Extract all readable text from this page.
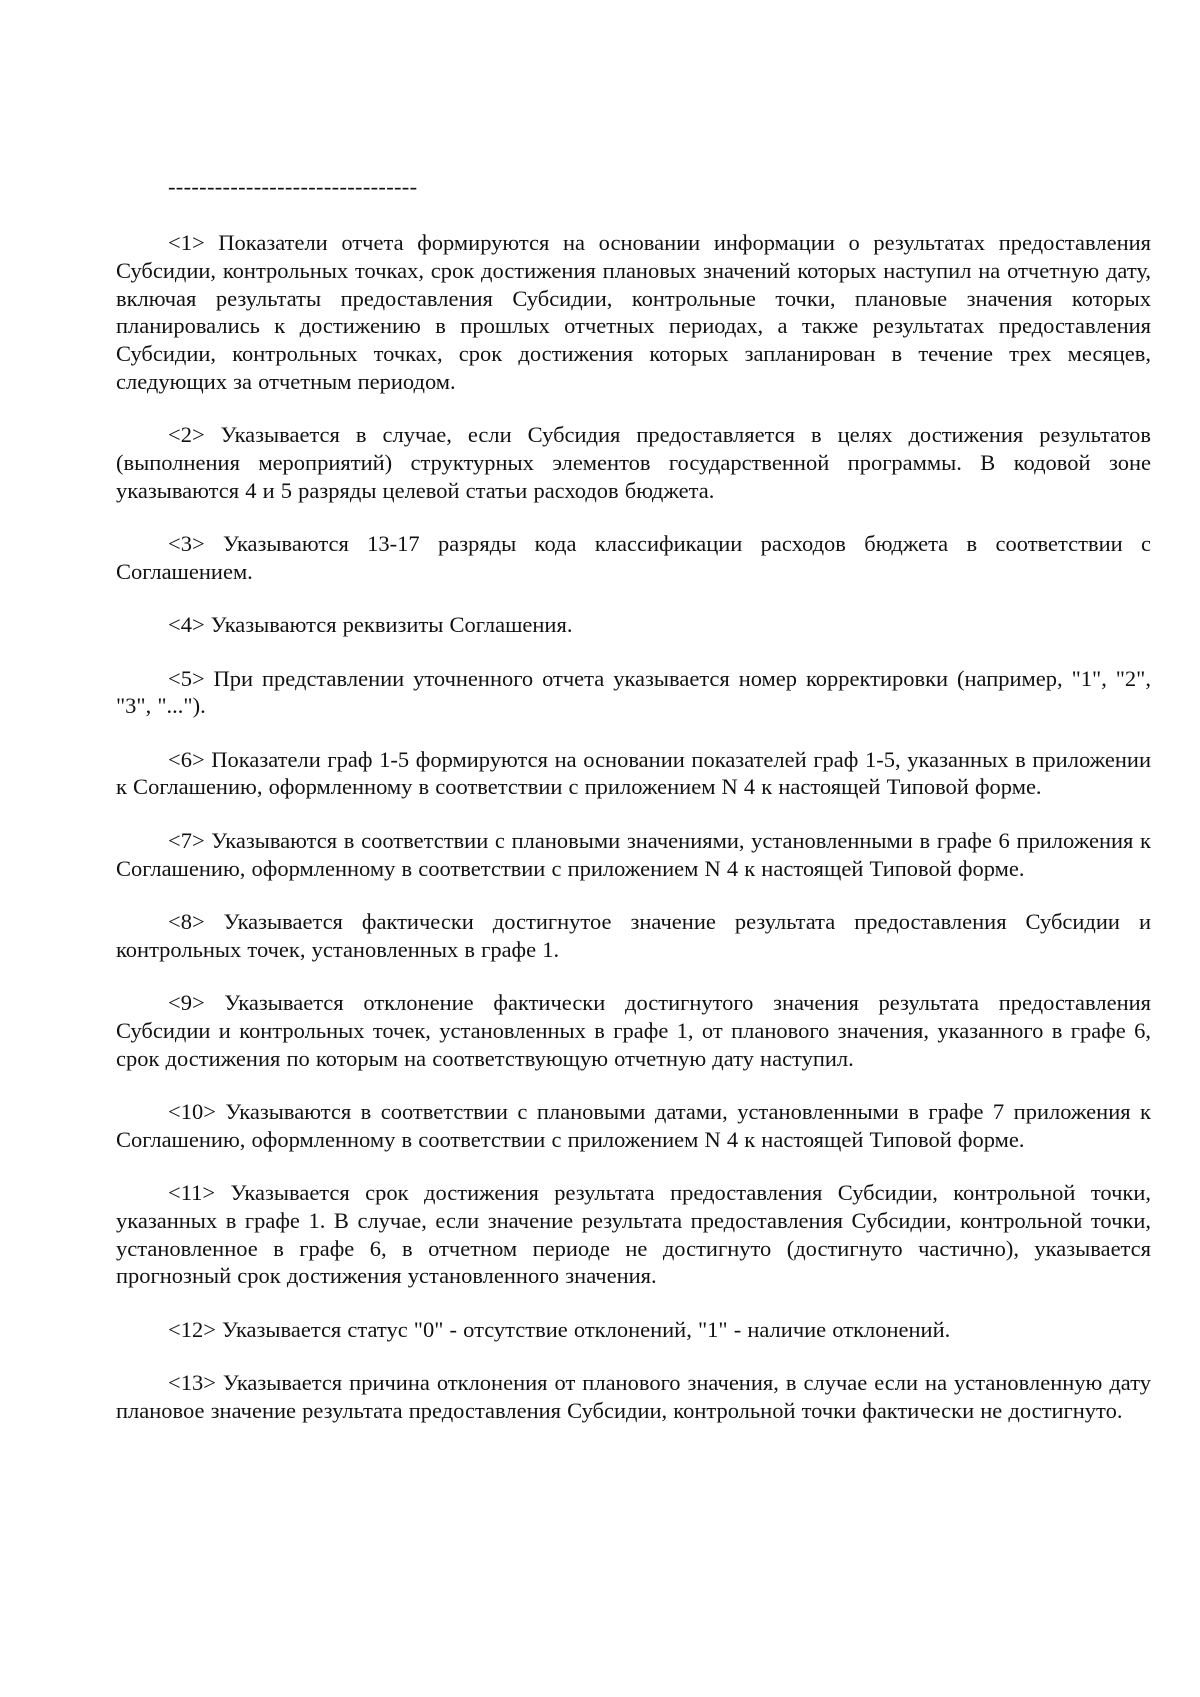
--------------------------------

<1> Показатели отчета формируются на основании информации о результатах предоставления Субсидии, контрольных точках, срок достижения плановых значений которых наступил на отчетную дату, включая результаты предоставления Субсидии, контрольные точки, плановые значения которых планировались к достижению в прошлых отчетных периодах, а также результатах предоставления Субсидии, контрольных точках, срок достижения которых запланирован в течение трех месяцев, следующих за отчетным периодом.

<2> Указывается в случае, если Субсидия предоставляется в целях достижения результатов (выполнения мероприятий) структурных элементов государственной программы. В кодовой зоне указываются 4 и 5 разряды целевой статьи расходов бюджета.

<3> Указываются 13-17 разряды кода классификации расходов бюджета в соответствии с Соглашением.

<4> Указываются реквизиты Соглашения.

<5> При представлении уточненного отчета указывается номер корректировки (например, "1", "2", "3", "...").

<6> Показатели граф 1-5 формируются на основании показателей граф 1-5, указанных в приложении к Соглашению, оформленному в соответствии с приложением N 4 к настоящей Типовой форме.

<7> Указываются в соответствии с плановыми значениями, установленными в графе 6 приложения к Соглашению, оформленному в соответствии с приложением N 4 к настоящей Типовой форме.

<8> Указывается фактически достигнутое значение результата предоставления Субсидии и контрольных точек, установленных в графе 1.

<9> Указывается отклонение фактически достигнутого значения результата предоставления Субсидии и контрольных точек, установленных в графе 1, от планового значения, указанного в графе 6, срок достижения по которым на соответствующую отчетную дату наступил.

<10> Указываются в соответствии с плановыми датами, установленными в графе 7 приложения к Соглашению, оформленному в соответствии с приложением N 4 к настоящей Типовой форме.

<11> Указывается срок достижения результата предоставления Субсидии, контрольной точки, указанных в графе 1. В случае, если значение результата предоставления Субсидии, контрольной точки, установленное в графе 6, в отчетном периоде не достигнуто (достигнуто частично), указывается прогнозный срок достижения установленного значения.

<12> Указывается статус "0" - отсутствие отклонений, "1" - наличие отклонений.

<13> Указывается причина отклонения от планового значения, в случае если на установленную дату плановое значение результата предоставления Субсидии, контрольной точки фактически не достигнуто.
